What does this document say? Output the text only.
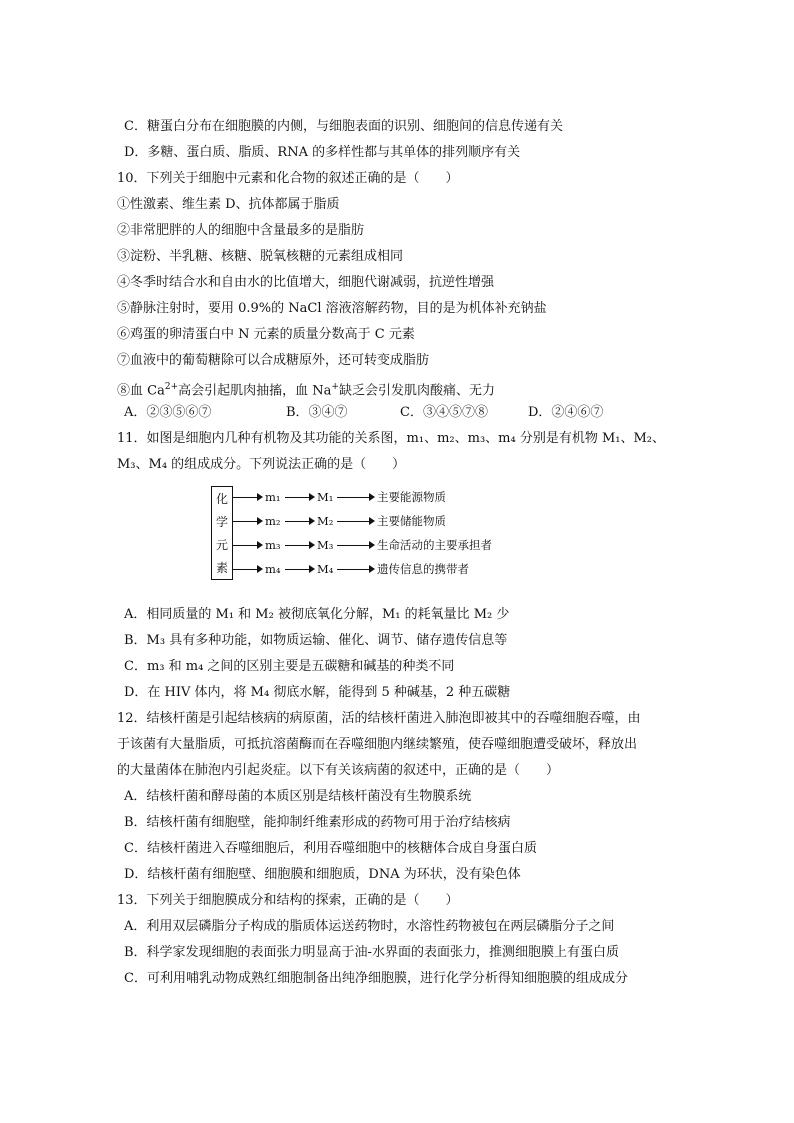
C．糖蛋白分布在细胞膜的内侧，与细胞表面的识别、细胞间的信息传递有关
D．多糖、蛋白质、脂质、RNA 的多样性都与其单体的排列顺序有关
10．下列关于细胞中元素和化合物的叙述正确的是（　　）
①性激素、维生素 D、抗体都属于脂质
②非常肥胖的人的细胞中含量最多的是脂肪
③淀粉、半乳糖、核糖、脱氧核糖的元素组成相同
④冬季时结合水和自由水的比值增大，细胞代谢减弱，抗逆性增强
⑤静脉注射时，要用 0.9%的 NaCl 溶液溶解药物，目的是为机体补充钠盐
⑥鸡蛋的卵清蛋白中 N 元素的质量分数高于 C 元素
⑦血液中的葡萄糖除可以合成糖原外，还可转变成脂肪
⑧血 $Ca^{2+}$高会引起肌肉抽搐，血 Na+缺乏会引发肌肉酸痛、无力
A．②③⑤⑥⑦	B．③④⑦	C．③④⑤⑦⑧	D．②④⑥⑦
11．如图是细胞内几种有机物及其功能的关系图，m₁、m₂、m₃、m₄ 分别是有机物 M₁、M₂、
M₃、M₄ 的组成成分。下列说法正确的是（　　）
化
学
元
素
m₁	M₁	主要能源物质
m₂	M₂	主要储能物质
m₃	M₃	生命活动的主要承担者
m₄	M₄	遗传信息的携带者
A．相同质量的 M₁ 和 M₂ 被彻底氧化分解，M₁ 的耗氧量比 M₂ 少
B．M₃ 具有多种功能，如物质运输、催化、调节、储存遗传信息等
C．m₃ 和 m₄ 之间的区别主要是五碳糖和碱基的种类不同
D．在 HIV 体内，将 M₄ 彻底水解，能得到 5 种碱基，2 种五碳糖
12．结核杆菌是引起结核病的病原菌，活的结核杆菌进入肺泡即被其中的吞噬细胞吞噬，由
于该菌有大量脂质，可抵抗溶菌酶而在吞噬细胞内继续繁殖，使吞噬细胞遭受破坏，释放出
的大量菌体在肺泡内引起炎症。以下有关该病菌的叙述中，正确的是（　　）
A．结核杆菌和酵母菌的本质区别是结核杆菌没有生物膜系统
B．结核杆菌有细胞壁，能抑制纤维素形成的药物可用于治疗结核病
C．结核杆菌进入吞噬细胞后，利用吞噬细胞中的核糖体合成自身蛋白质
D．结核杆菌有细胞壁、细胞膜和细胞质，DNA 为环状，没有染色体
13．下列关于细胞膜成分和结构的探索，正确的是（　　）
A．利用双层磷脂分子构成的脂质体运送药物时，水溶性药物被包在两层磷脂分子之间
B．科学家发现细胞的表面张力明显高于油-水界面的表面张力，推测细胞膜上有蛋白质
C．可利用哺乳动物成熟红细胞制备出纯净细胞膜，进行化学分析得知细胞膜的组成成分
